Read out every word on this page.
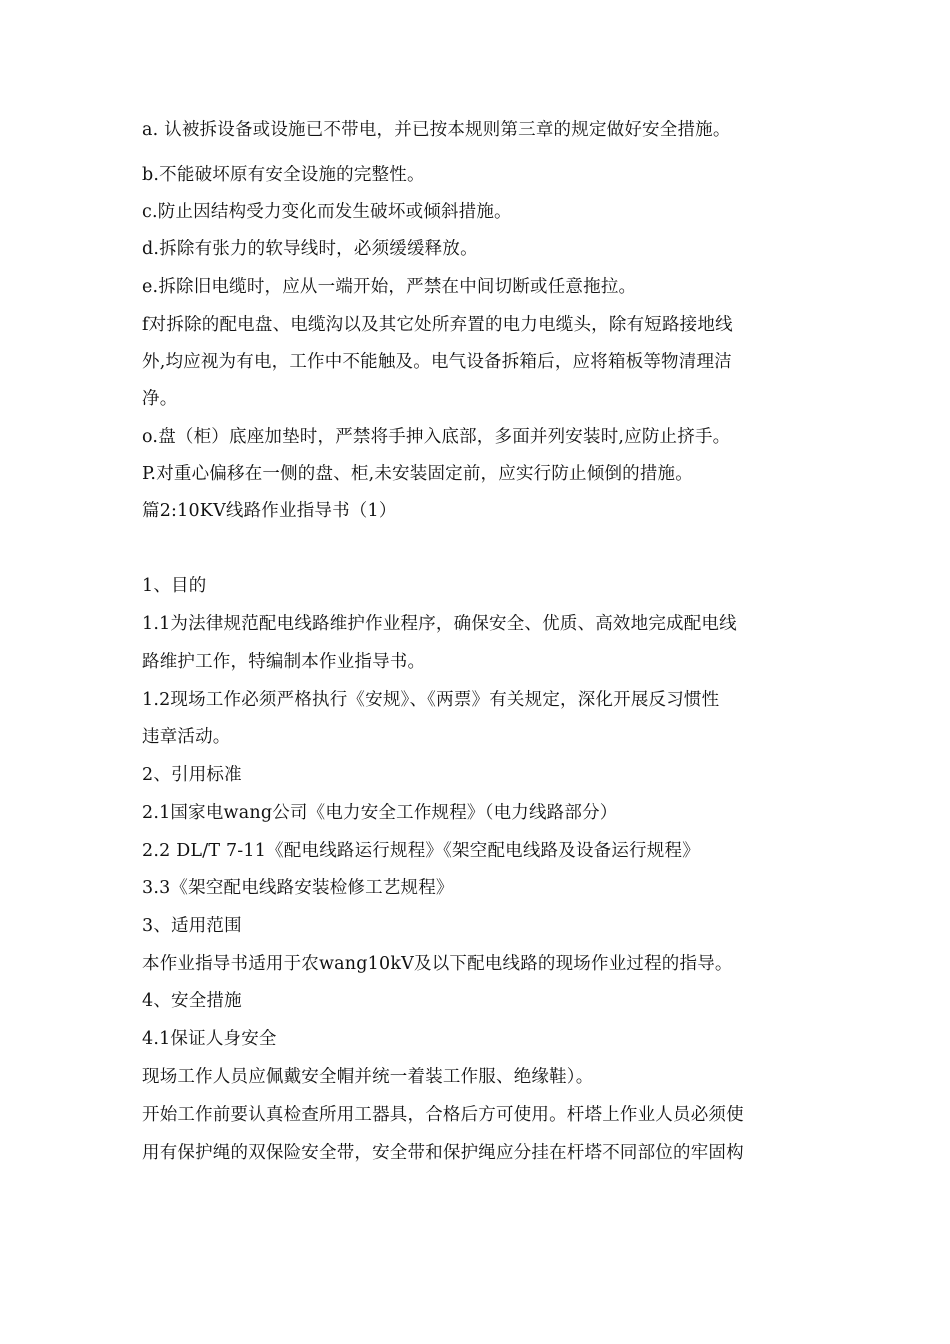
a. 认被拆设备或设施已不带电，并已按本规则第三章的规定做好安全措施。
b.不能破坏原有安全设施的完整性。
c.防止因结构受力变化而发生破坏或倾斜措施。
d.拆除有张力的软导线时，必须缓缓释放。
e.拆除旧电缆时，应从一端开始，严禁在中间切断或任意拖拉。
f对拆除的配电盘、电缆沟以及其它处所弃置的电力电缆头，除有短路接地线
外,均应视为有电，工作中不能触及。电气设备拆箱后，应将箱板等物清理洁
净。
o.盘（柜）底座加垫时，严禁将手抻入底部，多面并列安装时,应防止挤手。
P.对重心偏移在一侧的盘、柜,未安装固定前，应实行防止倾倒的措施。
篇2:10KV线路作业指导书（1）
1、目的
1.1为法律规范配电线路维护作业程序，确保安全、优质、高效地完成配电线
路维护工作，特编制本作业指导书。
1.2现场工作必须严格执行《安规》、《两票》有关规定，深化开展反习惯性
违章活动。
2、引用标准
2.1国家电wang公司《电力安全工作规程》（电力线路部分）
2.2 DL/T 7-11《配电线路运行规程》《架空配电线路及设备运行规程》
3.3《架空配电线路安装检修工艺规程》
3、适用范围
本作业指导书适用于农wang10kV及以下配电线路的现场作业过程的指导。
4、安全措施
4.1保证人身安全
现场工作人员应佩戴安全帽并统一着装工作服、绝缘鞋）。
开始工作前要认真检查所用工器具，合格后方可使用。杆塔上作业人员必须使
用有保护绳的双保险安全带，安全带和保护绳应分挂在杆塔不同部位的牢固构
